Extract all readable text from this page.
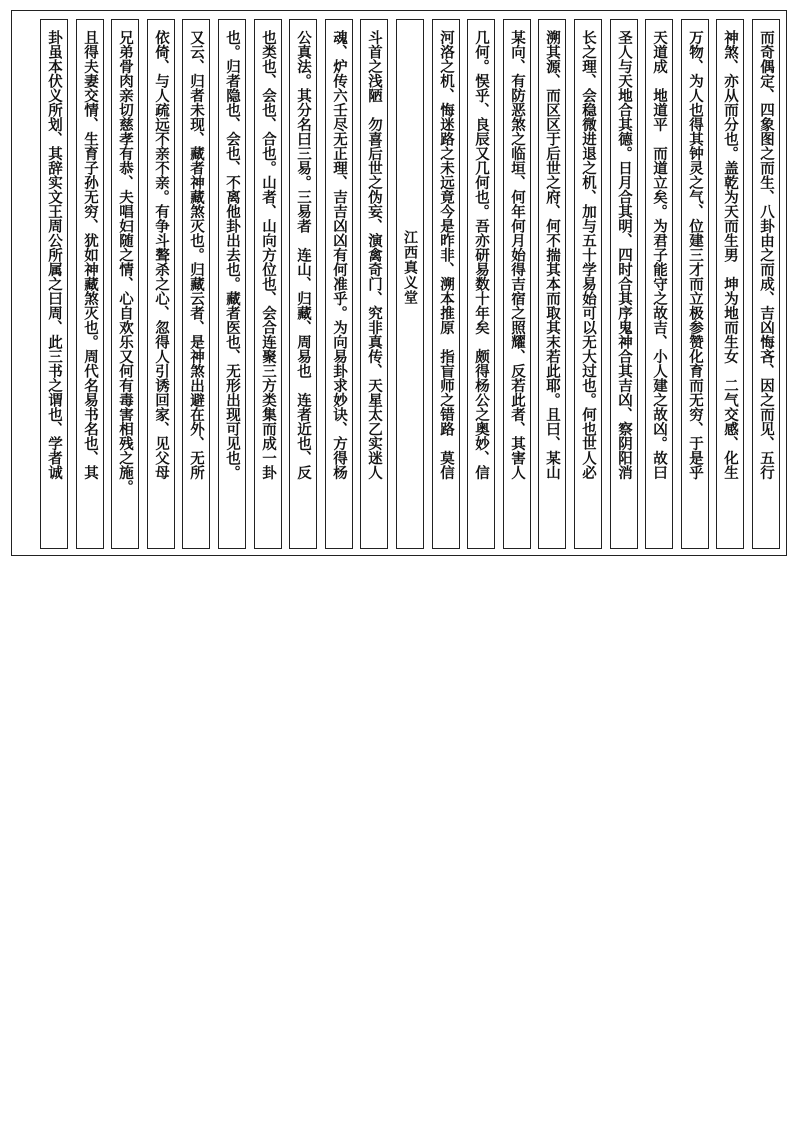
而奇偶定、四象图之而生、八卦由之而成、吉凶悔吝、因之而见、五行
神煞、亦从而分也。盖乾为天而生男　坤为地而生女　二气交感、化生
万物、为人也得其钟灵之气、位建三才而立极参赞化育而无穷、于是乎
天道成　地道平　而道立矣。为君子能守之故吉、小人建之故凶。故曰
圣人与天地合其德。日月合其明、四时合其序鬼神合其吉凶、察阴阳消
长之理、会稳微进退之机、加与五十学易始可以无大过也。何也世人必
溯其源、而区区于后世之府、何不揣其本而取其末若此耶。且曰、某山
某向、有防恶煞之临垣、何年何月始得吉宿之照耀、反若此者、其害人
几何。悮乎、良辰又几何也。吾亦研易数十年矣　颇得杨公之奥妙、信
河洛之机、悔迷路之未远竟今是昨非、溯本推原　指盲师之错路　莫信
江西真义堂
斗首之浅陋　勿喜后世之伪妄、演禽奇门、究非真传、天星太乙实迷人
魂、炉传六壬尽无正理、吉吉凶凶有何准乎。为向易卦求妙诀、方得杨
公真法。其分名曰三易。三易者　连山、归藏、周易也　连者近也、反
也类也、会也、合也。山者、山向方位也、会合连聚三方类集而成一卦
也。归者隐也、会也、不离他卦出去也。藏者医也、无形出现可见也。
又云、归者未现、藏者神藏煞灭也。归藏云者、是神煞出避在外、无所
依倚、与人疏远不亲不亲。有争斗聱杀之心、忽得人引诱回家、见父母
兄弟骨肉亲切慈孝有恭、夫唱妇随之情、心自欢乐又何有毒害相残之施。
且得夫妻交情、生育子孙无穷、犹如神藏煞灭也。周代名易书名也、其
卦虽本伏义所划、其辞实文王周公所属之曰周、此三书之谓也、学者诚
